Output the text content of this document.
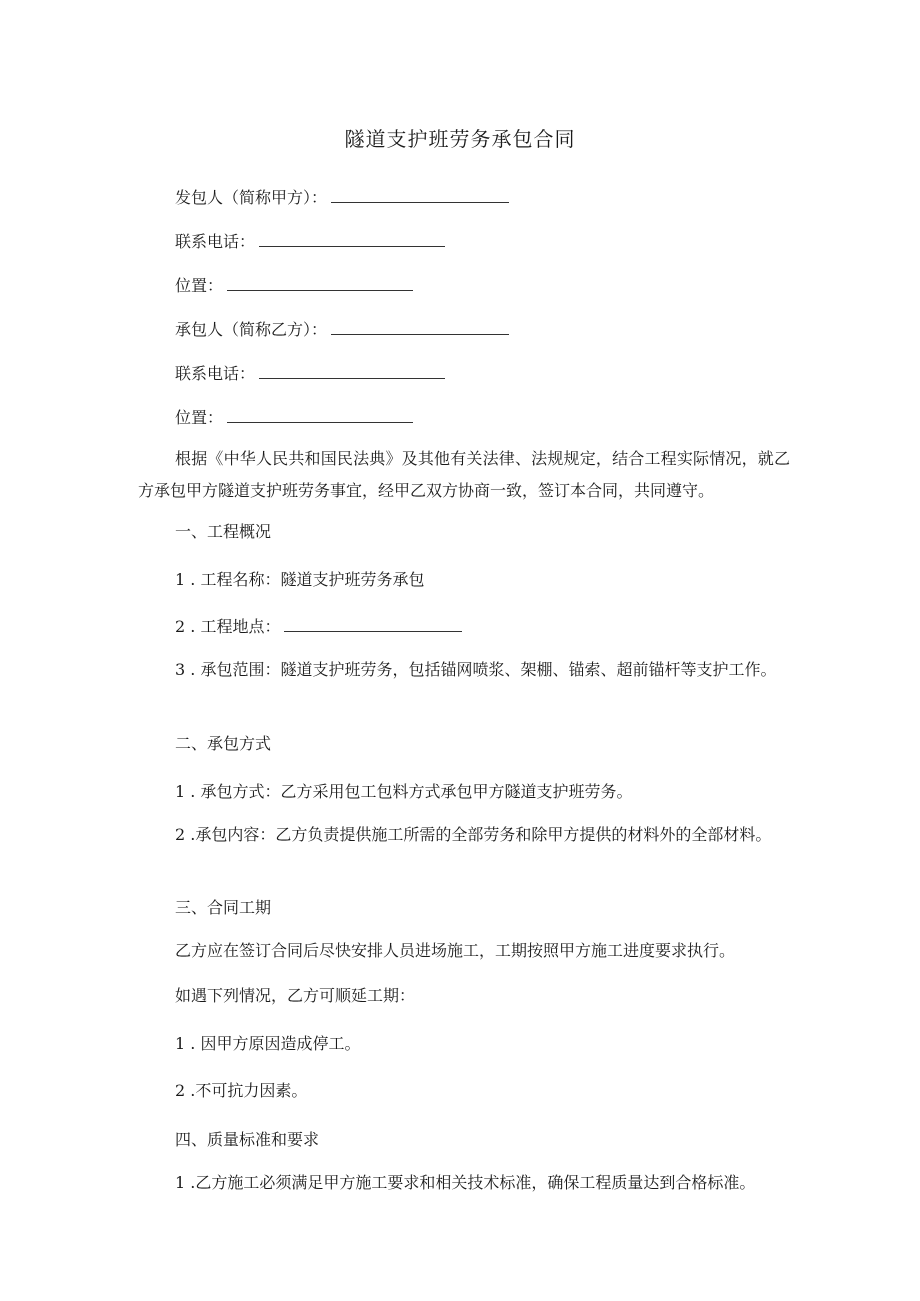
隧道支护班劳务承包合同
发包人（简称甲方）：
联系电话：
位置：
承包人（简称乙方）：
联系电话：
位置：
根据《中华人民共和国民法典》及其他有关法律、法规规定，结合工程实际情况，就乙方承包甲方隧道支护班劳务事宜，经甲乙双方协商一致，签订本合同，共同遵守。
一、工程概况
1 . 工程名称：隧道支护班劳务承包
2 . 工程地点：
3 . 承包范围：隧道支护班劳务，包括锚网喷浆、架棚、锚索、超前锚杆等支护工作。
二、承包方式
1 . 承包方式：乙方采用包工包料方式承包甲方隧道支护班劳务。
2 .承包内容：乙方负责提供施工所需的全部劳务和除甲方提供的材料外的全部材料。
三、合同工期
乙方应在签订合同后尽快安排人员进场施工，工期按照甲方施工进度要求执行。
如遇下列情况，乙方可顺延工期：
1 . 因甲方原因造成停工。
2 .不可抗力因素。
四、质量标准和要求
1 .乙方施工必须满足甲方施工要求和相关技术标准，确保工程质量达到合格标准。
